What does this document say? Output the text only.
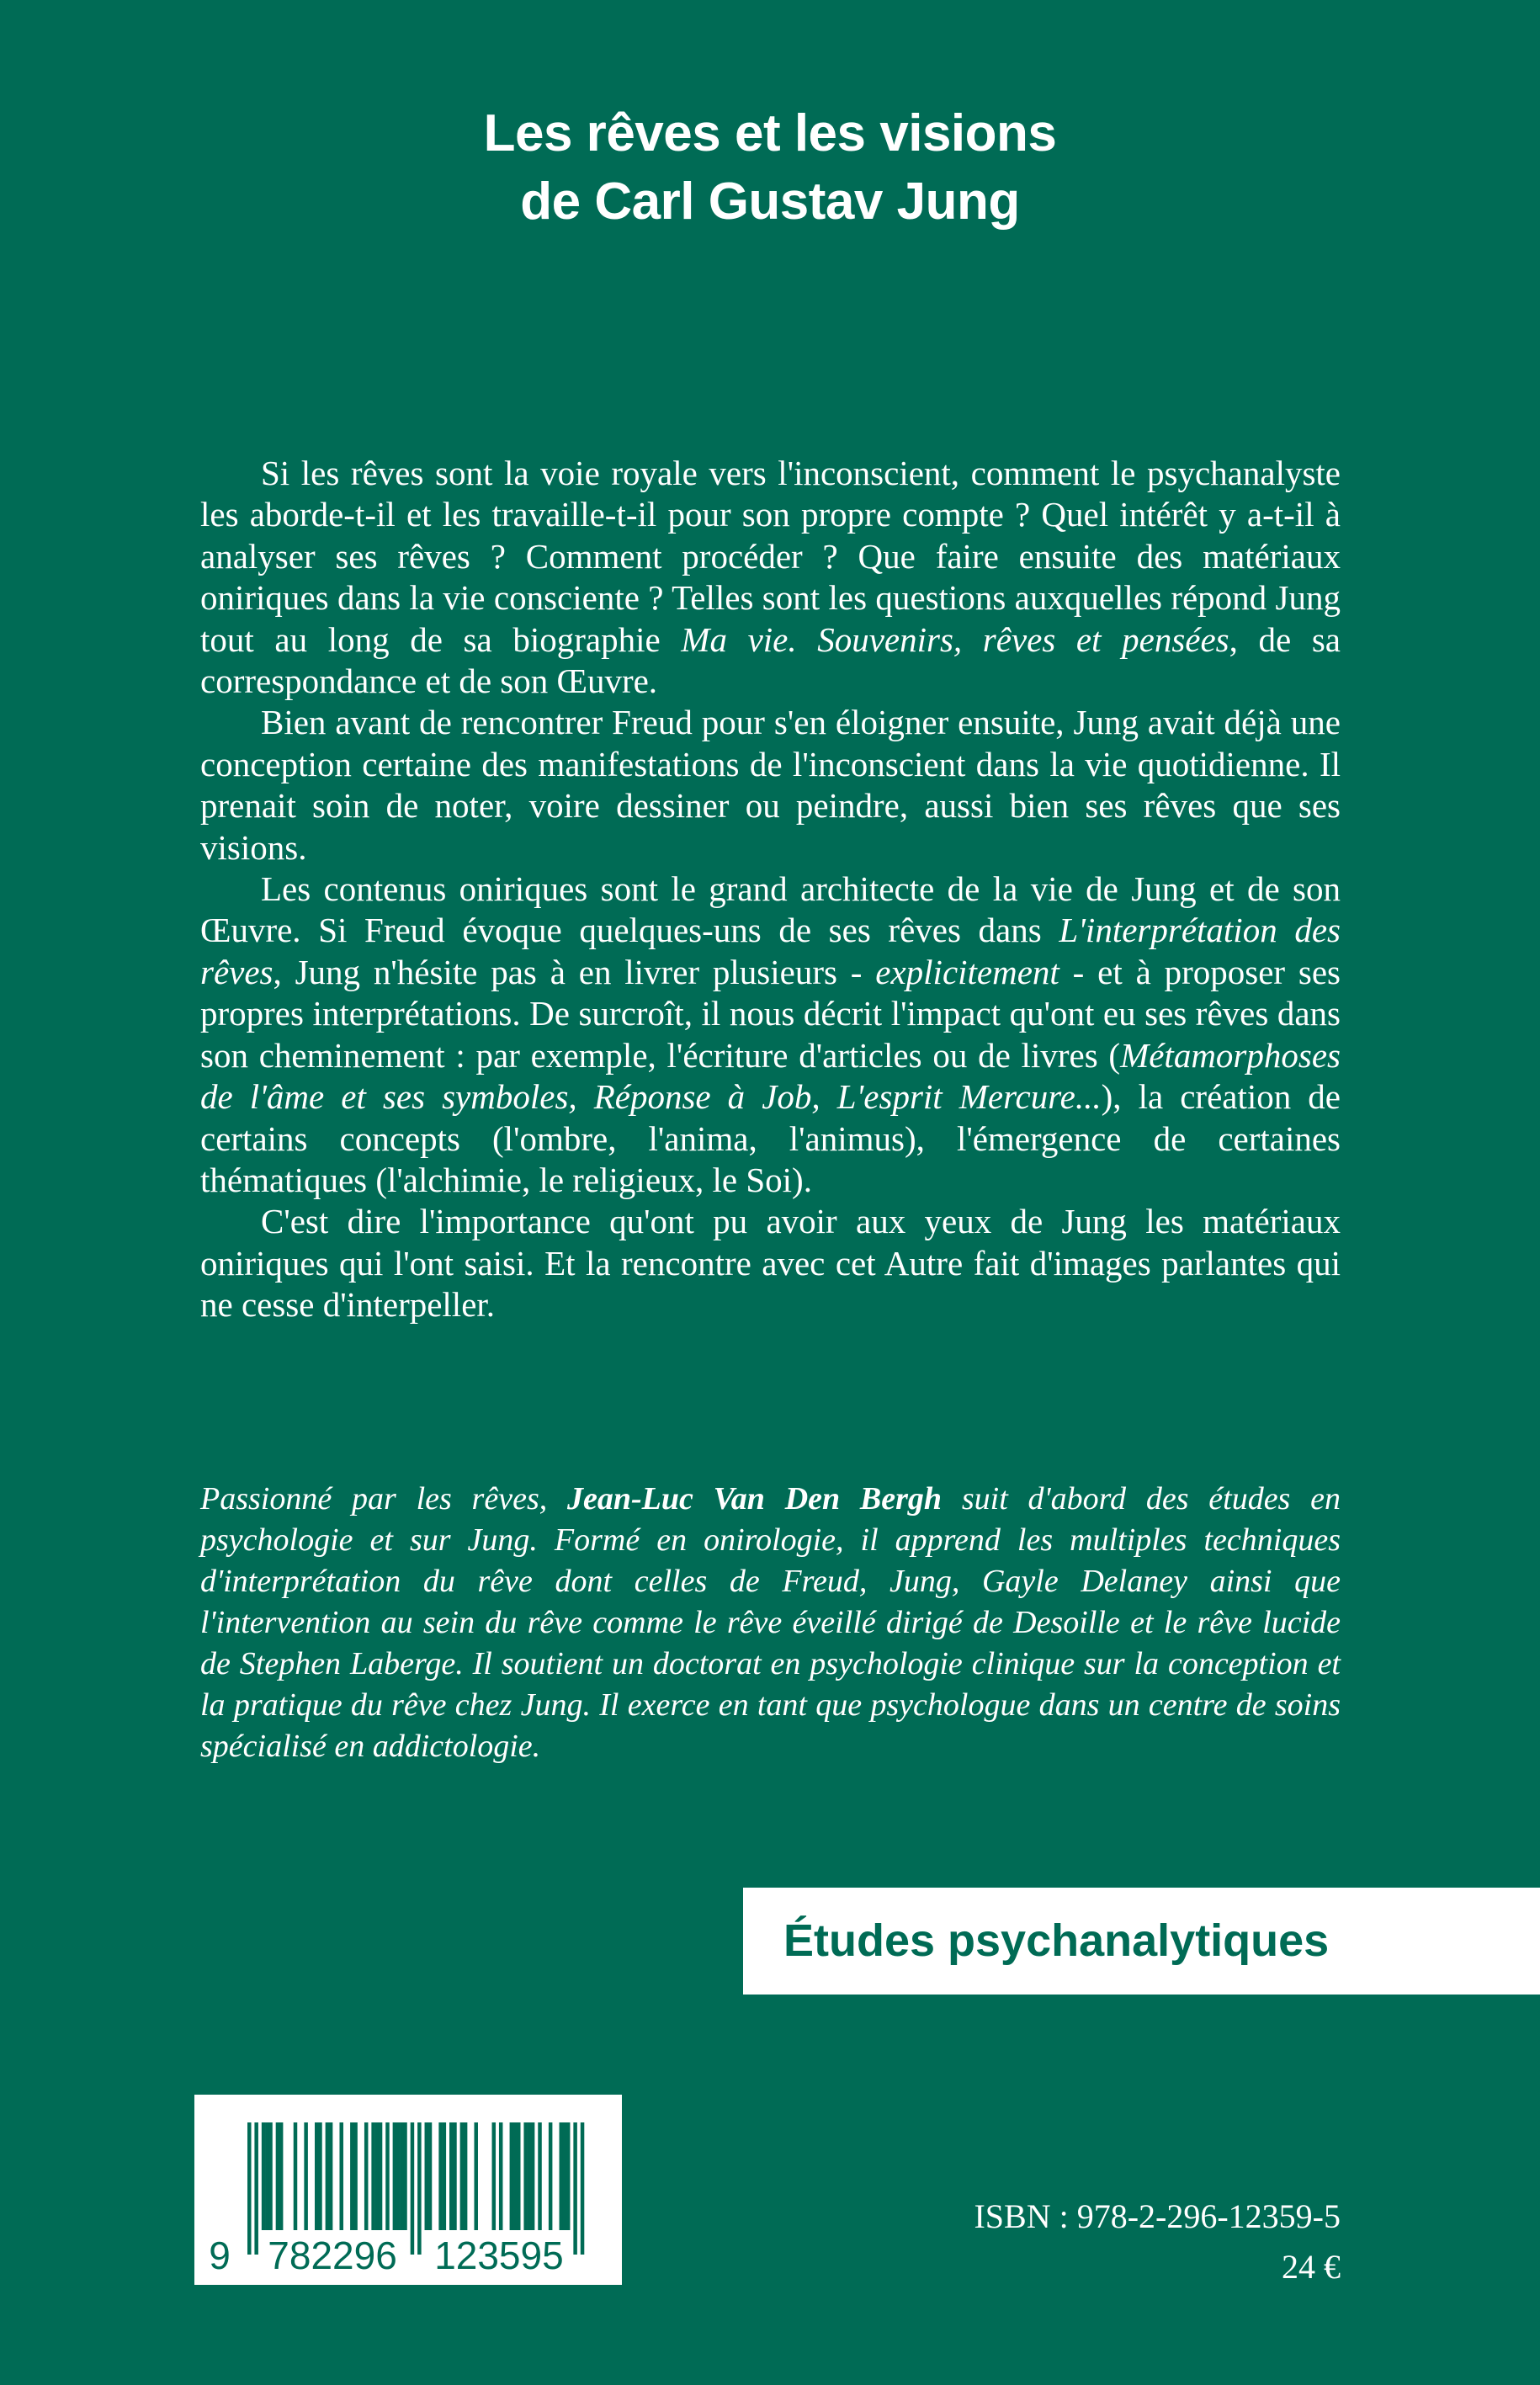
Les rêves et les visions
de Carl Gustav Jung

Si les rêves sont la voie royale vers l'inconscient, comment le psychanalyste les aborde-t-il et les travaille-t-il pour son propre compte ? Quel intérêt y a-t-il à analyser ses rêves ? Comment procéder ? Que faire ensuite des matériaux oniriques dans la vie consciente ? Telles sont les questions auxquelles répond Jung tout au long de sa biographie Ma vie. Souvenirs, rêves et pensées, de sa correspondance et de son Œuvre.

Bien avant de rencontrer Freud pour s'en éloigner ensuite, Jung avait déjà une conception certaine des manifestations de l'inconscient dans la vie quotidienne. Il prenait soin de noter, voire dessiner ou peindre, aussi bien ses rêves que ses visions.

Les contenus oniriques sont le grand architecte de la vie de Jung et de son Œuvre. Si Freud évoque quelques-uns de ses rêves dans L'interprétation des rêves, Jung n'hésite pas à en livrer plusieurs - explicitement - et à proposer ses propres interprétations. De surcroît, il nous décrit l'impact qu'ont eu ses rêves dans son cheminement : par exemple, l'écriture d'articles ou de livres (Métamorphoses de l'âme et ses symboles, Réponse à Job, L'esprit Mercure...), la création de certains concepts (l'ombre, l'anima, l'animus), l'émergence de certaines thématiques (l'alchimie, le religieux, le Soi).

C'est dire l'importance qu'ont pu avoir aux yeux de Jung les matériaux oniriques qui l'ont saisi. Et la rencontre avec cet Autre fait d'images parlantes qui ne cesse d'interpeller.

Passionné par les rêves, Jean-Luc Van Den Bergh suit d'abord des études en psychologie et sur Jung. Formé en onirologie, il apprend les multiples techniques d'interprétation du rêve dont celles de Freud, Jung, Gayle Delaney ainsi que l'intervention au sein du rêve comme le rêve éveillé dirigé de Desoille et le rêve lucide de Stephen Laberge. Il soutient un doctorat en psychologie clinique sur la conception et la pratique du rêve chez Jung. Il exerce en tant que psychologue dans un centre de soins spécialisé en addictologie.
Études psychanalytiques
9 782296 123595
ISBN : 978-2-296-12359-5
24 €
